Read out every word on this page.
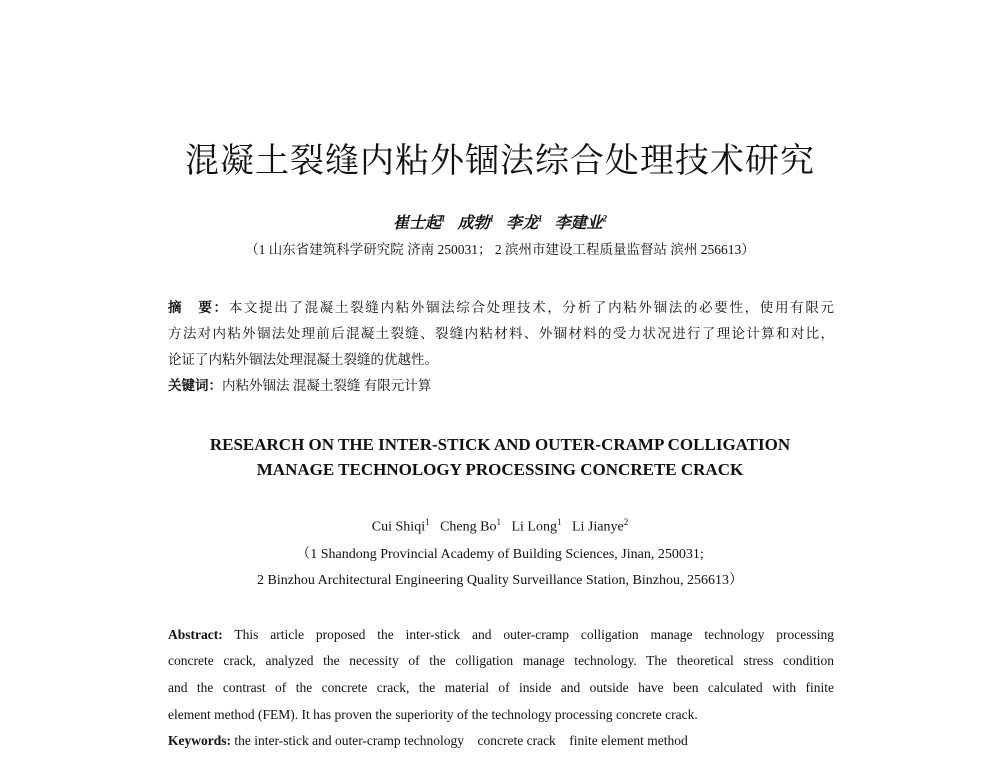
混凝土裂缝内粘外锢法综合处理技术研究
崔士起$^1$ 成勃$^1$ 李龙$^1$ 李建业$^2$
（1 山东省建筑科学研究院 济南 250031； 2 滨州市建设工程质量监督站 滨州 256613）
摘　要：本文提出了混凝土裂缝内粘外锢法综合处理技术，分析了内粘外锢法的必要性，使用有限元
方法对内粘外锢法处理前后混凝土裂缝、裂缝内粘材料、外锢材料的受力状况进行了理论计算和对比，
论证了内粘外锢法处理混凝土裂缝的优越性。
关键词：内粘外锢法 混凝土裂缝 有限元计算
RESEARCH ON THE INTER-STICK AND OUTER-CRAMP COLLIGATION
MANAGE TECHNOLOGY PROCESSING CONCRETE CRACK
Cui Shiqi$^1$ Cheng Bo$^1$ Li Long$^1$ Li Jianye$^2$
（1 Shandong Provincial Academy of Building Sciences, Jinan, 250031;
2 Binzhou Architectural Engineering Quality Surveillance Station, Binzhou, 256613）
Abstract: This article proposed the inter-stick and outer-cramp colligation manage technology processing
concrete crack, analyzed the necessity of the colligation manage technology. The theoretical stress condition
and the contrast of the concrete crack, the material of inside and outside have been calculated with finite
element method (FEM). It has proven the superiority of the technology processing concrete crack.
Keywords: the inter-stick and outer-cramp technology    concrete crack    finite element method
